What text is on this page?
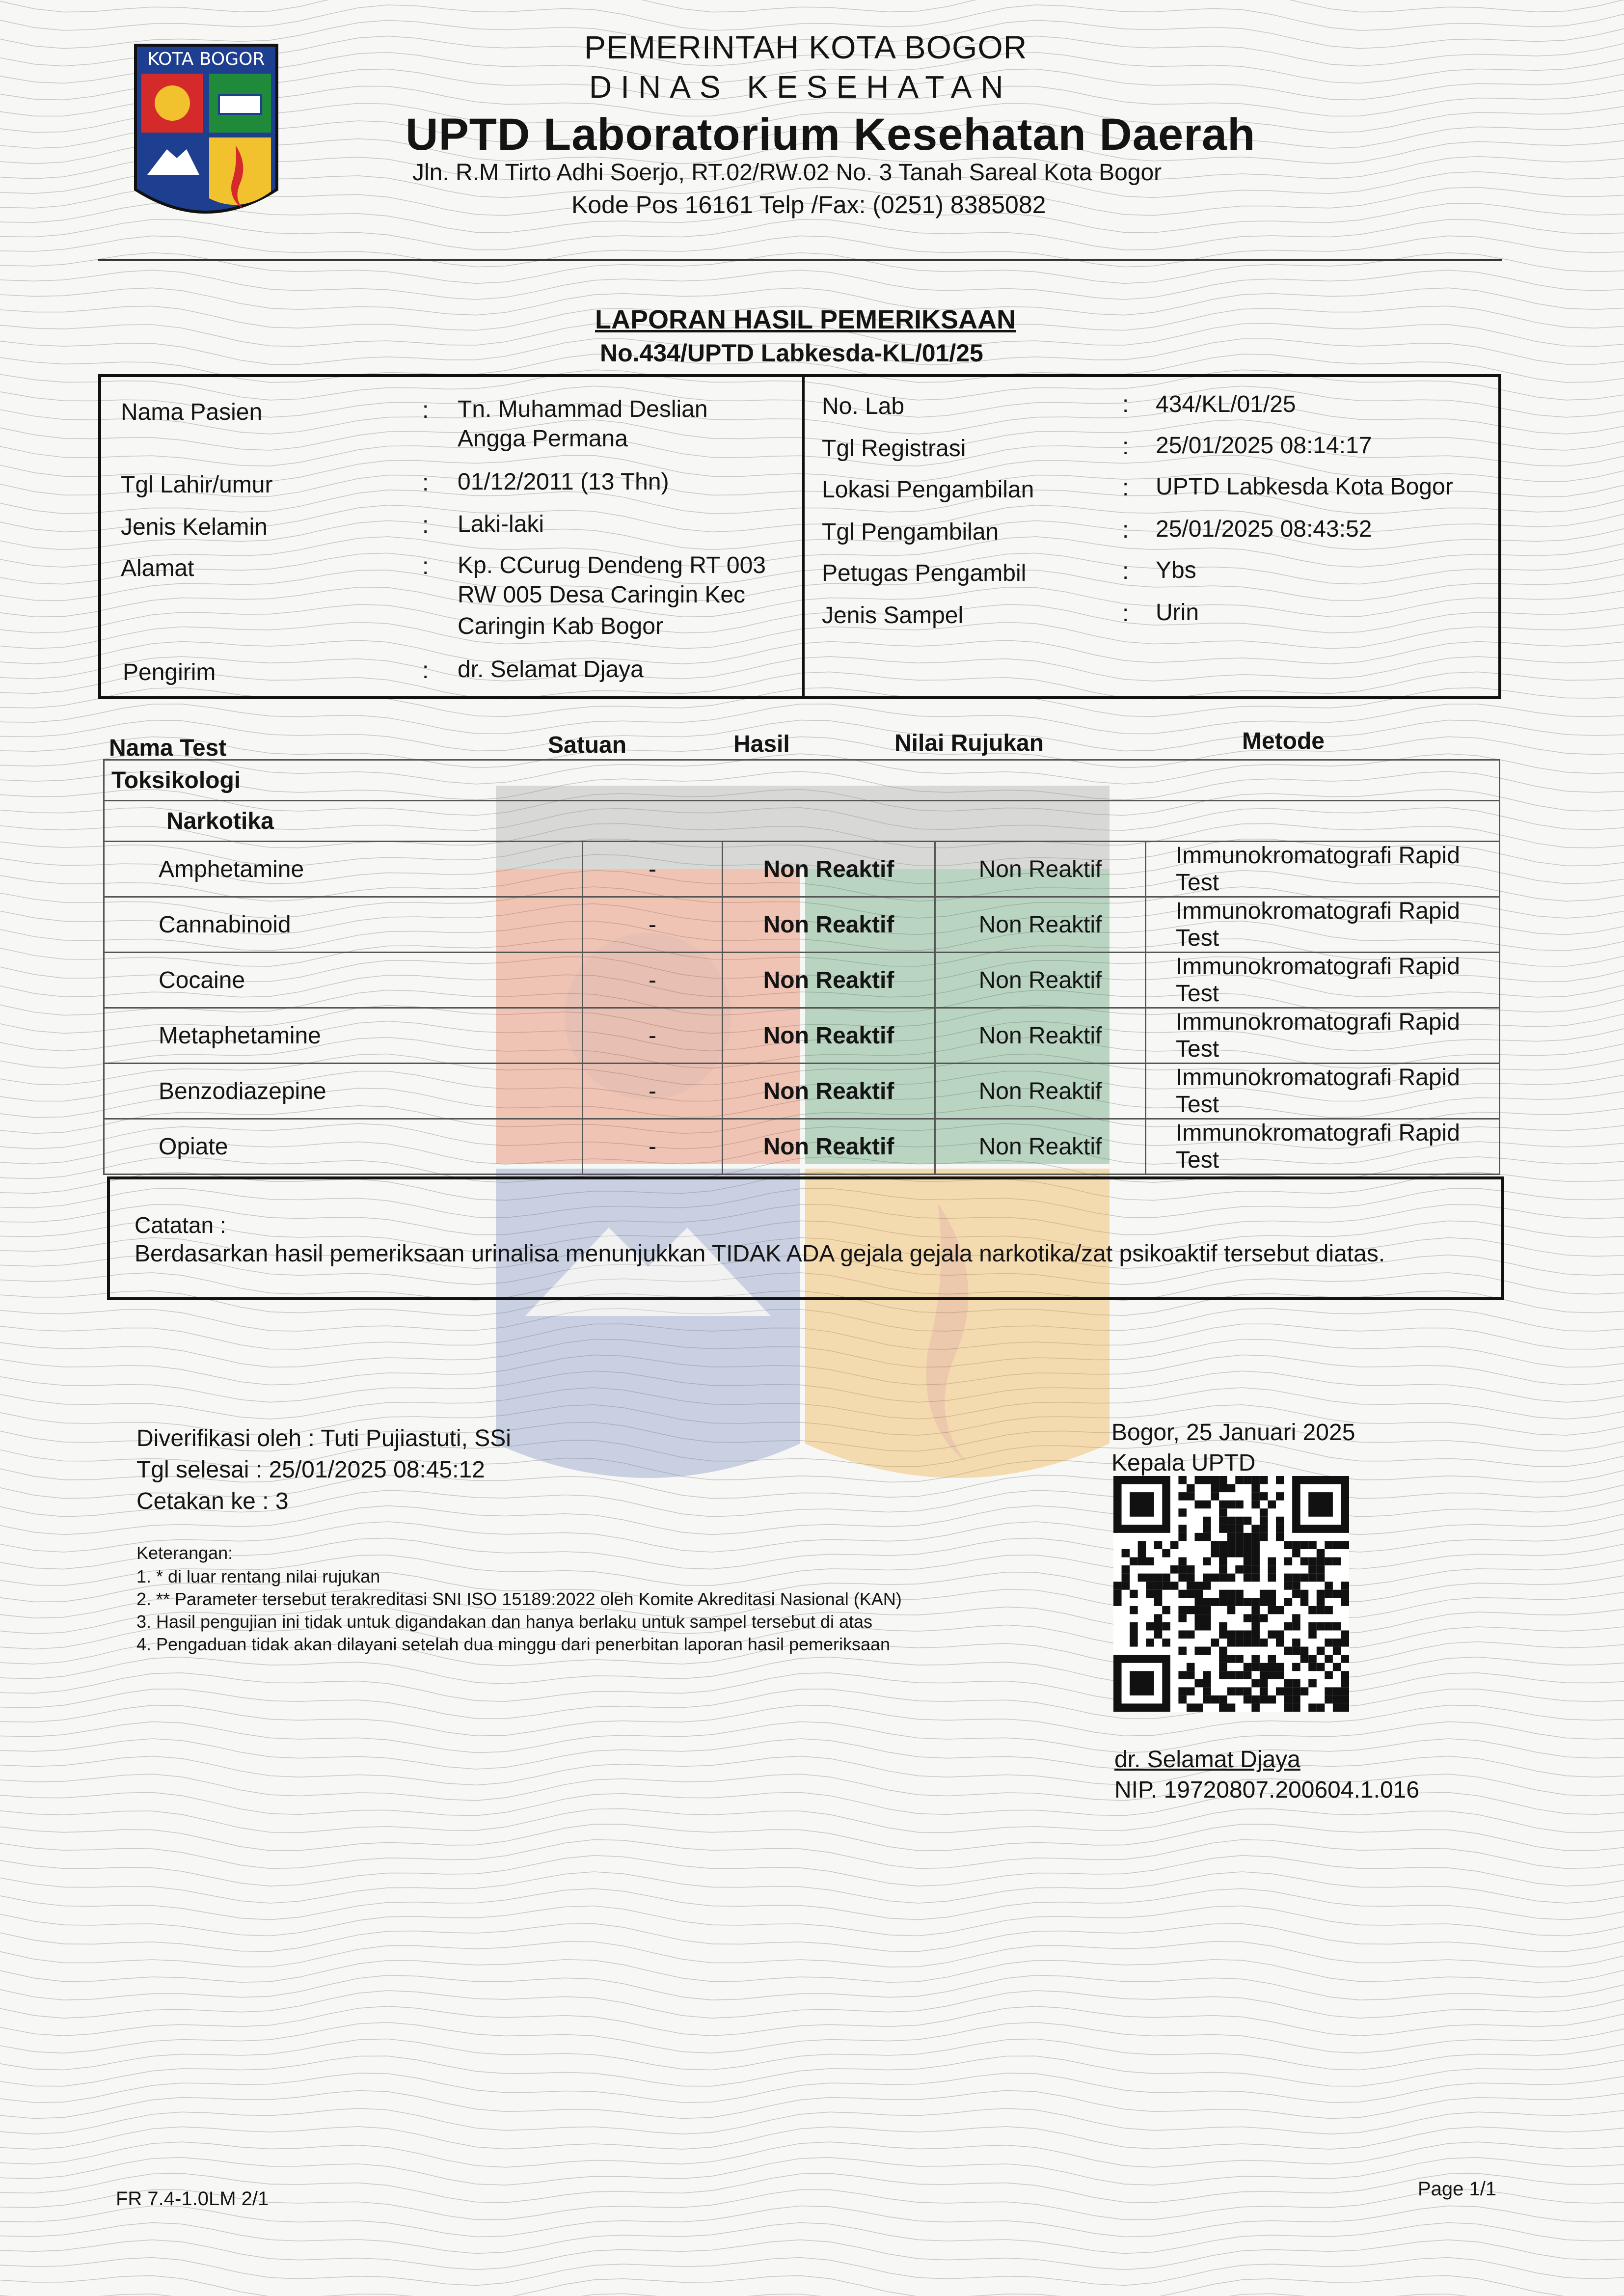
KOTA BOGOR	PEMERINTAH KOTA BOGOR
DINAS KESEHATAN
UPTD Laboratorium Kesehatan Daerah
Jln. R.M Tirto Adhi Soerjo, RT.02/RW.02 No. 3 Tanah Sareal Kota Bogor
Kode Pos 16161 Telp /Fax: (0251) 8385082
LAPORAN HASIL PEMERIKSAAN
No.434/UPTD Labkesda-KL/01/25
Nama Pasien	: Tn. Muhammad Deslian
Angga Permana
Tgl Lahir/umur	: 01/12/2011 (13 Thn)
Jenis Kelamin	: Laki-laki
Alamat	: Kp. CCurug Dendeng RT 003
RW 005 Desa Caringin Kec
Caringin Kab Bogor
Pengirim	: dr. Selamat Djaya
No. Lab	: 434/KL/01/25
Tgl Registrasi	: 25/01/2025 08:14:17
Lokasi Pengambilan	: UPTD Labkesda Kota Bogor
Tgl Pengambilan	: 25/01/2025 08:43:52
Petugas Pengambil	: Ybs
Jenis Sampel	: Urin
Nama Test	Satuan	Hasil	Nilai Rujukan	Metode
Toksikologi				
Narkotika				
Amphetamine	-	Non Reaktif	Non Reaktif	Immunokromatografi Rapid Test
Cannabinoid	-	Non Reaktif	Non Reaktif	Immunokromatografi Rapid Test
Cocaine	-	Non Reaktif	Non Reaktif	Immunokromatografi Rapid Test
Metaphetamine	-	Non Reaktif	Non Reaktif	Immunokromatografi Rapid Test
Benzodiazepine	-	Non Reaktif	Non Reaktif	Immunokromatografi Rapid Test
Opiate	-	Non Reaktif	Non Reaktif	Immunokromatografi Rapid Test
Catatan :
Berdasarkan hasil pemeriksaan urinalisa menunjukkan TIDAK ADA gejala gejala narkotika/zat psikoaktif tersebut diatas.
Diverifikasi oleh : Tuti Pujiastuti, SSi
Tgl selesai : 25/01/2025 08:45:12
Cetakan ke : 3
Keterangan:
1. * di luar rentang nilai rujukan
2. ** Parameter tersebut terakreditasi SNI ISO 15189:2022 oleh Komite Akreditasi Nasional (KAN)
3. Hasil pengujian ini tidak untuk digandakan dan hanya berlaku untuk sampel tersebut di atas
4. Pengaduan tidak akan dilayani setelah dua minggu dari penerbitan laporan hasil pemeriksaan
Bogor, 25 Januari 2025
Kepala UPTD
dr. Selamat Djaya
NIP. 19720807.200604.1.016
FR 7.4-1.0LM 2/1	Page 1/1
